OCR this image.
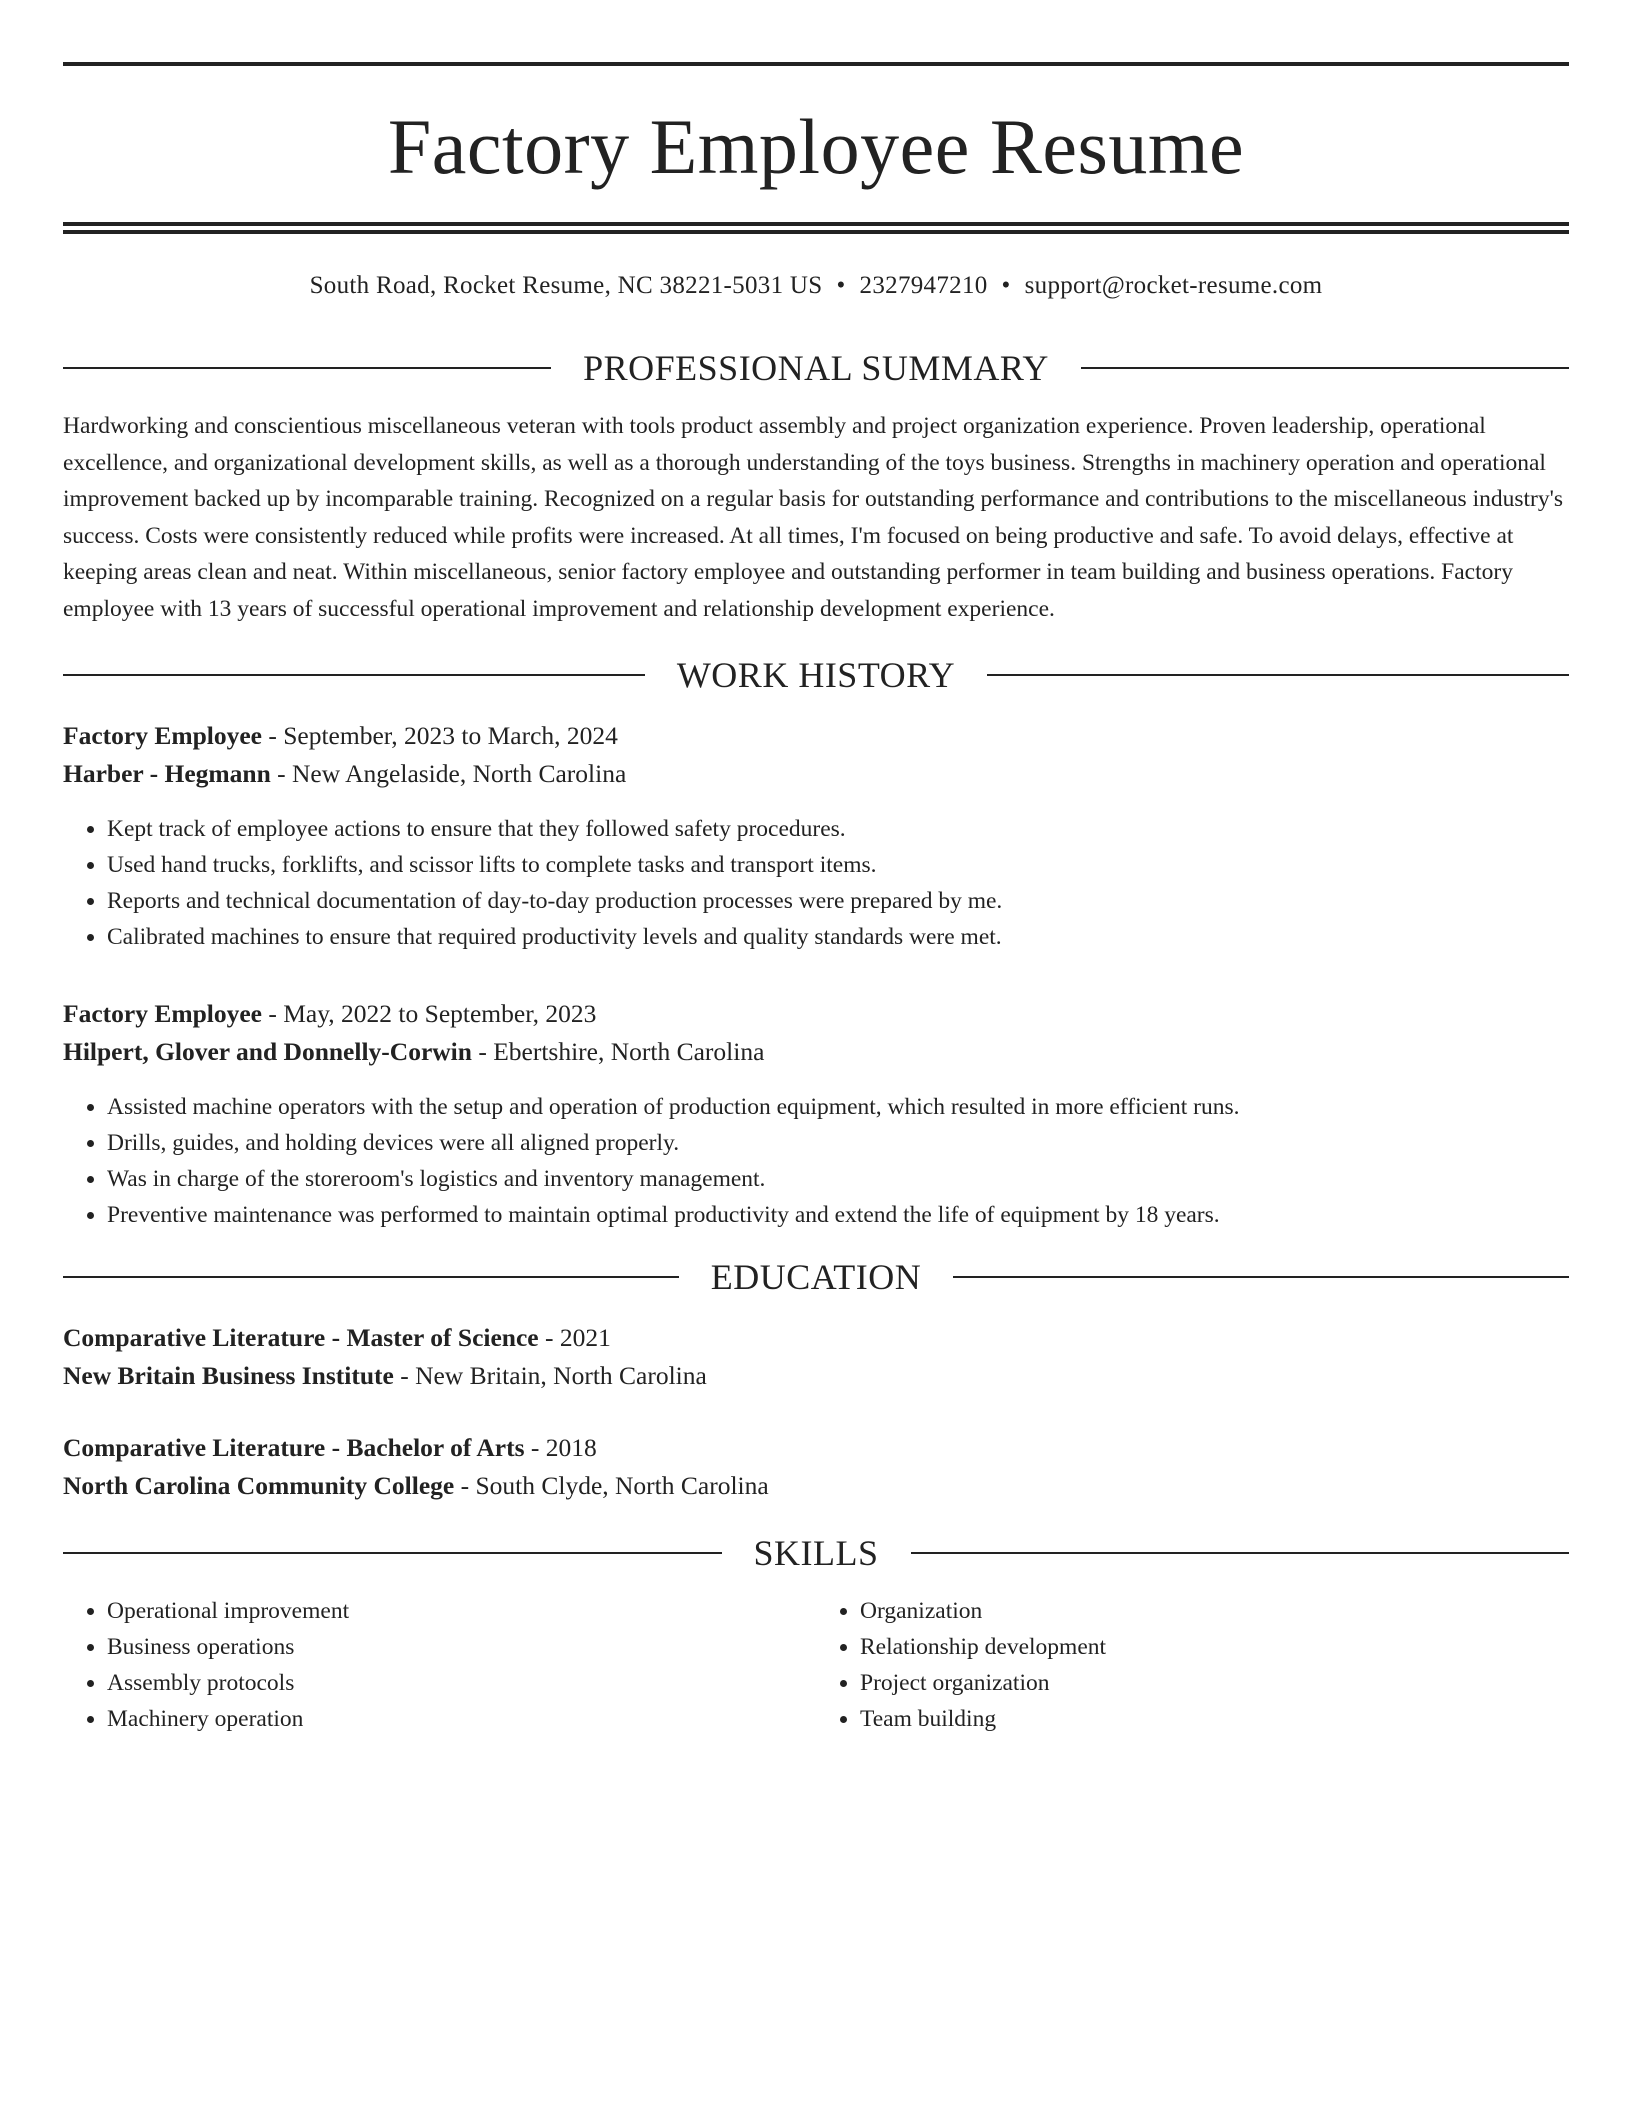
Factory Employee Resume
South Road, Rocket Resume, NC 38221-5031 US • 2327947210 • support@rocket-resume.com
PROFESSIONAL SUMMARY
Hardworking and conscientious miscellaneous veteran with tools product assembly and project organization experience. Proven leadership, operational excellence, and organizational development skills, as well as a thorough understanding of the toys business. Strengths in machinery operation and operational improvement backed up by incomparable training. Recognized on a regular basis for outstanding performance and contributions to the miscellaneous industry's success. Costs were consistently reduced while profits were increased. At all times, I'm focused on being productive and safe. To avoid delays, effective at keeping areas clean and neat. Within miscellaneous, senior factory employee and outstanding performer in team building and business operations. Factory employee with 13 years of successful operational improvement and relationship development experience.
WORK HISTORY
Factory Employee - September, 2023 to March, 2024
Harber - Hegmann - New Angelaside, North Carolina
• Kept track of employee actions to ensure that they followed safety procedures.
• Used hand trucks, forklifts, and scissor lifts to complete tasks and transport items.
• Reports and technical documentation of day-to-day production processes were prepared by me.
• Calibrated machines to ensure that required productivity levels and quality standards were met.
Factory Employee - May, 2022 to September, 2023
Hilpert, Glover and Donnelly-Corwin - Ebertshire, North Carolina
• Assisted machine operators with the setup and operation of production equipment, which resulted in more efficient runs.
• Drills, guides, and holding devices were all aligned properly.
• Was in charge of the storeroom's logistics and inventory management.
• Preventive maintenance was performed to maintain optimal productivity and extend the life of equipment by 18 years.
EDUCATION
Comparative Literature - Master of Science - 2021
New Britain Business Institute - New Britain, North Carolina
Comparative Literature - Bachelor of Arts - 2018
North Carolina Community College - South Clyde, North Carolina
SKILLS
• Operational improvement
• Business operations
• Assembly protocols
• Machinery operation
• Organization
• Relationship development
• Project organization
• Team building
